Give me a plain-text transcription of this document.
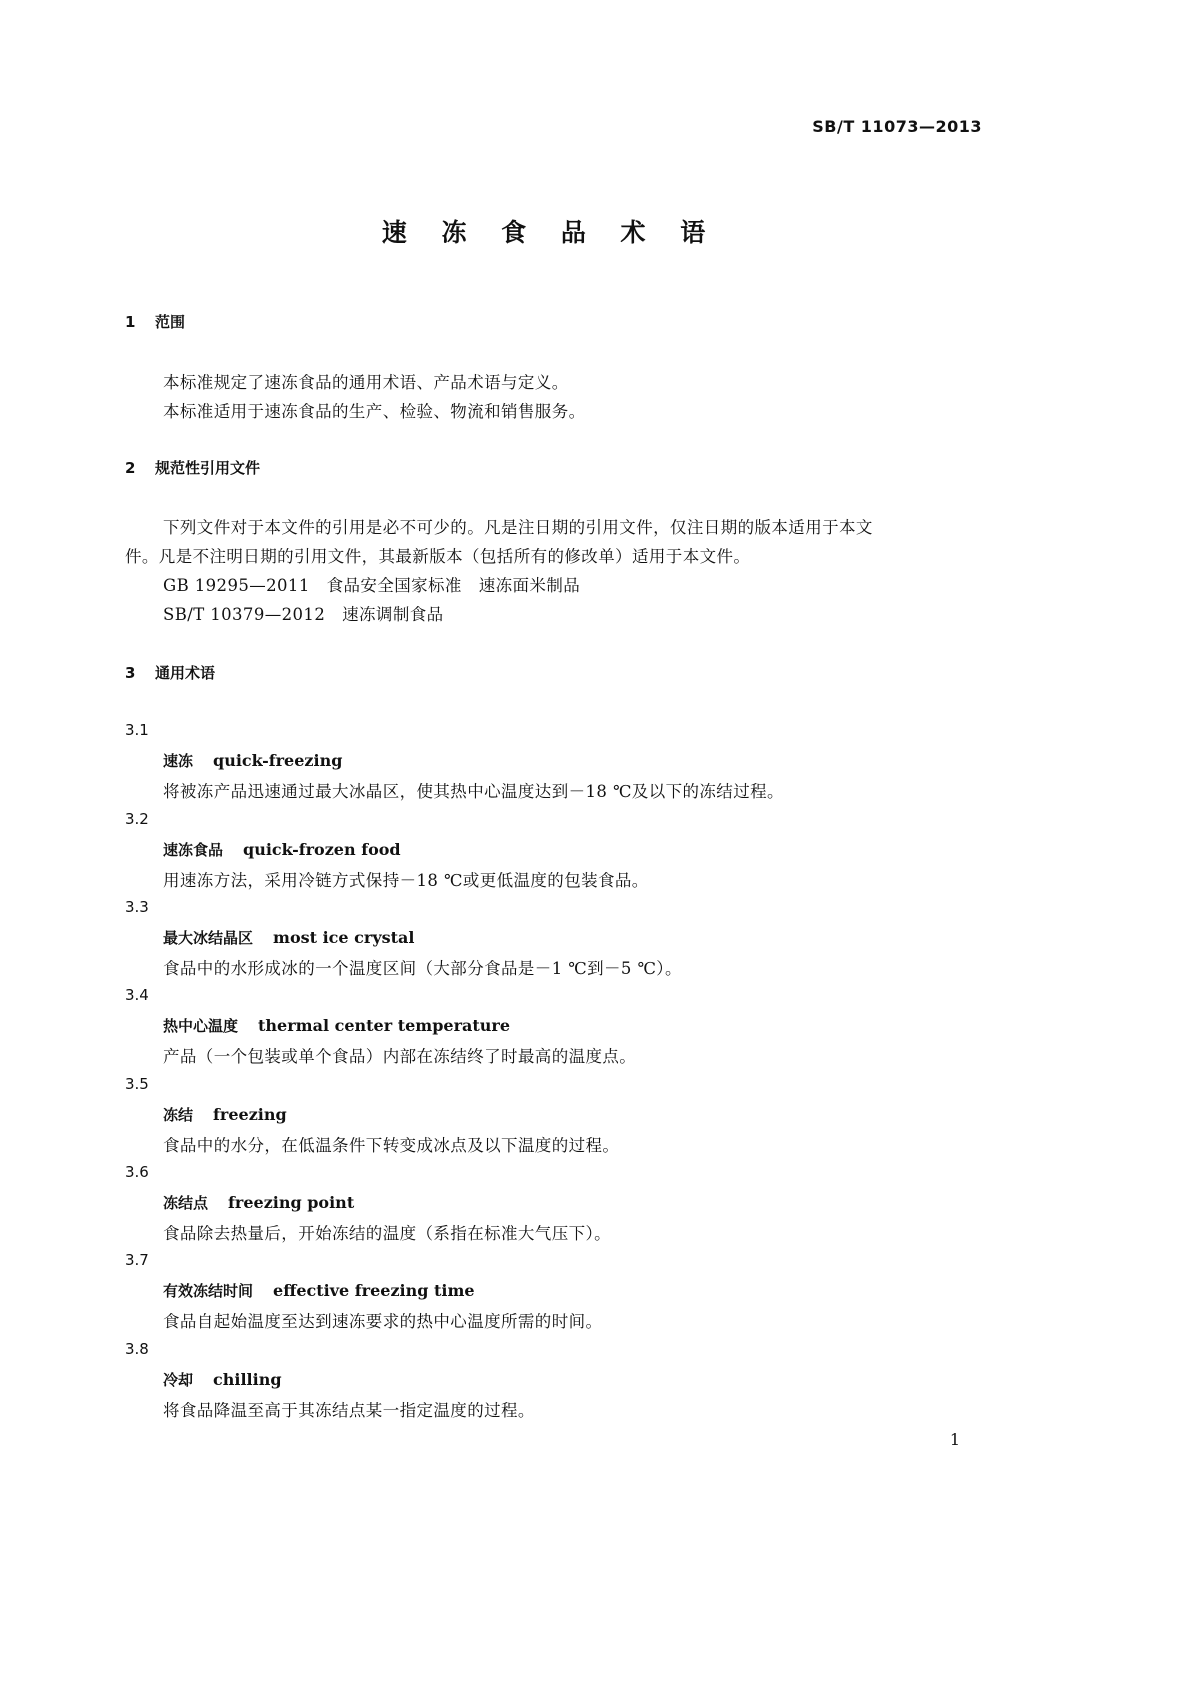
SB/T 11073—2013
速 冻 食 品 术 语
1 范围
本标准规定了速冻食品的通用术语、产品术语与定义。
本标准适用于速冻食品的生产、检验、物流和销售服务。
2 规范性引用文件
下列文件对于本文件的引用是必不可少的。凡是注日期的引用文件，仅注日期的版本适用于本文
件。凡是不注明日期的引用文件，其最新版本（包括所有的修改单）适用于本文件。
GB 19295—2011　食品安全国家标准　速冻面米制品
SB/T 10379—2012　速冻调制食品
3 通用术语
3.1
速冻 quick-freezing
将被冻产品迅速通过最大冰晶区，使其热中心温度达到－18 ℃及以下的冻结过程。
3.2
速冻食品 quick-frozen food
用速冻方法，采用冷链方式保持－18 ℃或更低温度的包装食品。
3.3
最大冰结晶区 most ice crystal
食品中的水形成冰的一个温度区间（大部分食品是－1 ℃到－5 ℃）。
3.4
热中心温度 thermal center temperature
产品（一个包装或单个食品）内部在冻结终了时最高的温度点。
3.5
冻结 freezing
食品中的水分，在低温条件下转变成冰点及以下温度的过程。
3.6
冻结点 freezing point
食品除去热量后，开始冻结的温度（系指在标准大气压下）。
3.7
有效冻结时间 effective freezing time
食品自起始温度至达到速冻要求的热中心温度所需的时间。
3.8
冷却 chilling
将食品降温至高于其冻结点某一指定温度的过程。
1
